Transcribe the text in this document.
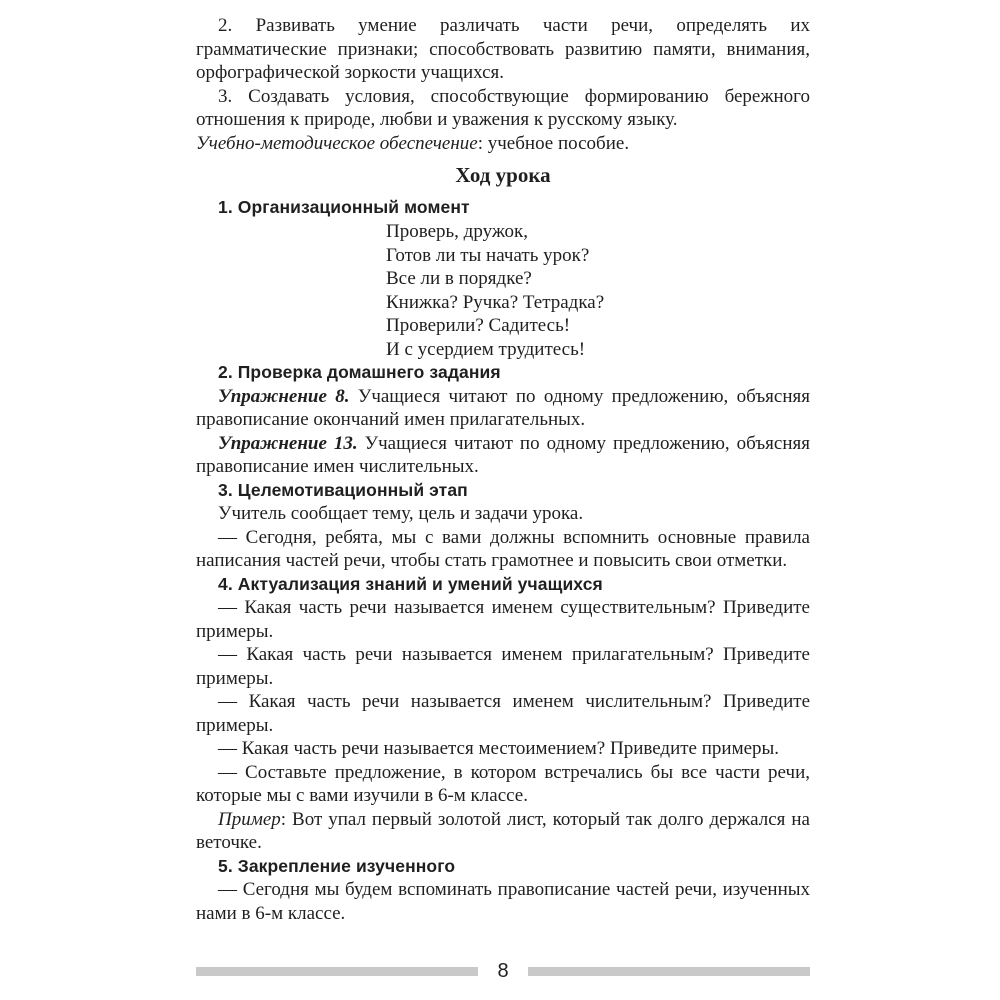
2. Развивать умение различать части речи, определять их грамматические признаки; способствовать развитию памяти, внимания, орфографической зоркости учащихся.

3. Создавать условия, способствующие формированию бережного отношения к природе, любви и уважения к русскому языку.

Учебно-методическое обеспечение: учебное пособие.

Ход урока
1. Организационный момент
Проверь, дружок,
Готов ли ты начать урок?
Все ли в порядке?
Книжка? Ручка? Тетрадка?
Проверили? Садитесь!
И с усердием трудитесь!
2. Проверка домашнего задания

Упражнение 8. Учащиеся читают по одному предложению, объясняя правописание окончаний имен прилагательных.

Упражнение 13. Учащиеся читают по одному предложению, объясняя правописание имен числительных.

3. Целемотивационный этап

Учитель сообщает тему, цель и задачи урока.

— Сегодня, ребята, мы с вами должны вспомнить основные правила написания частей речи, чтобы стать грамотнее и повысить свои отметки.

4. Актуализация знаний и умений учащихся

— Какая часть речи называется именем существительным? Приведите примеры.

— Какая часть речи называется именем прилагательным? Приведите примеры.

— Какая часть речи называется именем числительным? Приведите примеры.

— Какая часть речи называется местоимением? Приведите примеры.

— Составьте предложение, в котором встречались бы все части речи, которые мы с вами изучили в 6-м классе.

Пример: Вот упал первый золотой лист, который так долго держался на веточке.

5. Закрепление изученного

— Сегодня мы будем вспоминать правописание частей речи, изученных нами в 6-м классе.

8
